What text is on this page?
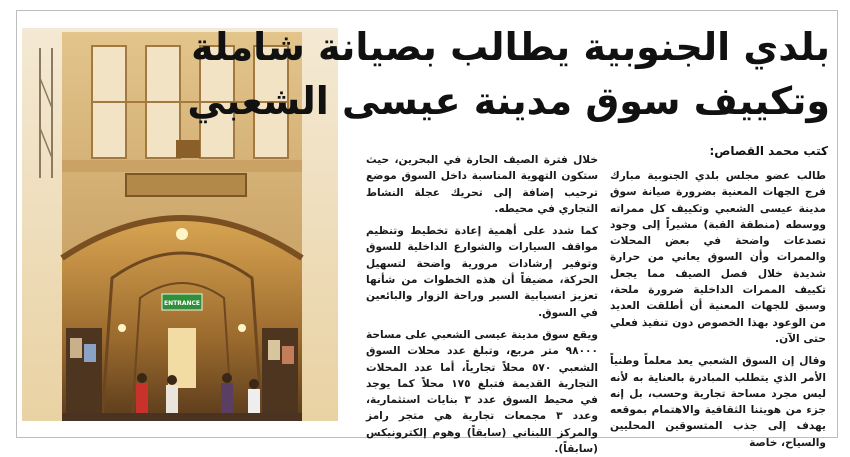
ENTRANCE
بلدي الجنوبية يطالب بصيانة شاملة
وتكييف سوق مدينة عيسى الشعبي
كتب محمد القصاص:

طالب عضو مجلس بلدي الجنوبية مبارك فرج الجهات المعنية بضرورة صيانة سوق مدينة عيسى الشعبي وتكييف كل ممراته ووسطه (منطقة القبة) مشيراً إلى وجود تصدعات واضحة في بعض المحلات والممرات وأن السوق يعاني من حرارة شديدة خلال فصل الصيف مما يجعل تكييف الممرات الداخلية ضرورة ملحة، وسبق للجهات المعنية أن أطلقت العديد من الوعود بهذا الخصوص دون تنفيذ فعلي حتى الآن.

وقال إن السوق الشعبي يعد معلماً وطنياً الأمر الذي يتطلب المبادرة بالعناية به لأنه ليس مجرد مساحة تجارية وحسب، بل إنه جزء من هويتنا الثقافية والاهتمام بموقعه يهدف إلى جذب المتسوقين المحليين والسياح، خاصة

خلال فترة الصيف الحارة في البحرين، حيث ستكون التهوية المناسبة داخل السوق موضع ترحيب إضافة إلى تحريك عجلة النشاط التجاري في محيطه.

كما شدد على أهمية إعادة تخطيط وتنظيم مواقف السيارات والشوارع الداخلية للسوق وتوفير إرشادات مرورية واضحة لتسهيل الحركة، مضيفاً أن هذه الخطوات من شأنها تعزيز انسيابية السير وراحة الزوار والبائعين في السوق.

ويقع سوق مدينة عيسى الشعبي على مساحة ٩٨٠٠٠ متر مربع، وتبلغ عدد محلات السوق الشعبي ٥٧٠ محلاً تجارياً، أما عدد المحلات التجارية القديمة فتبلغ ١٧٥ محلاً كما يوجد في محيط السوق عدد ٣ بنايات استثمارية، وعدد ٣ مجمعات تجارية هي متجر رامز والمركز اللبناني (سابقاً) وهوم إلكترونيكس (سابقاً).
